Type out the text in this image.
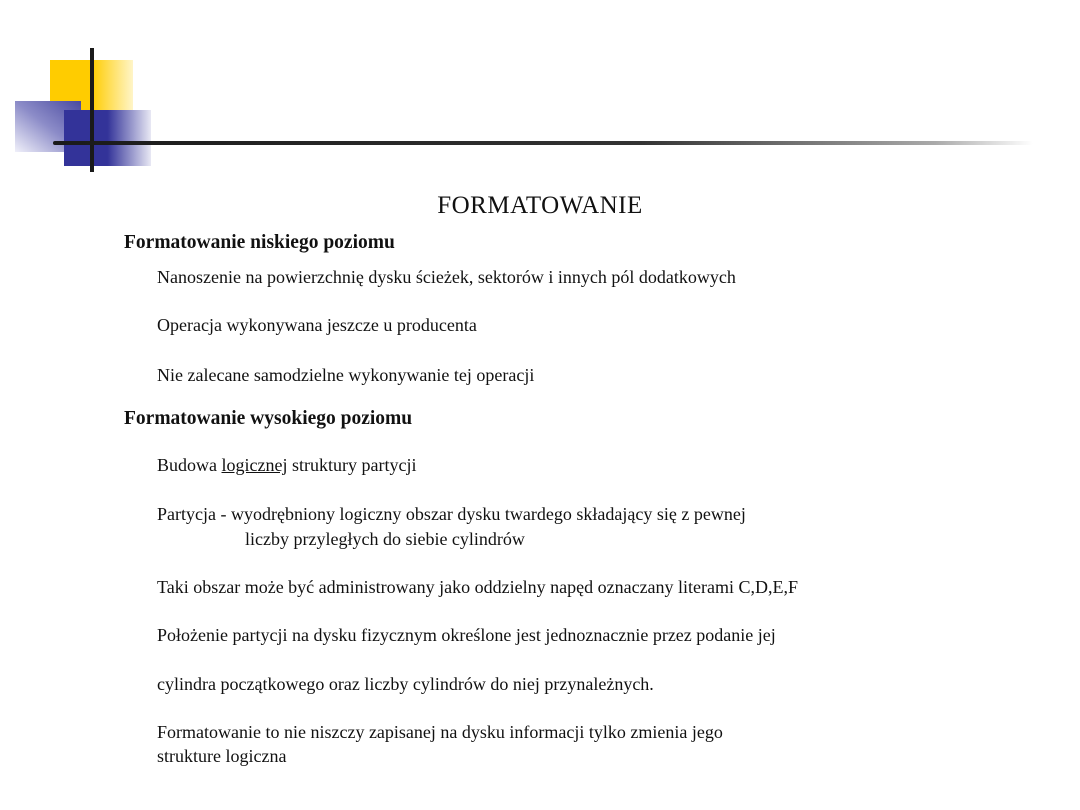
FORMATOWANIE
Formatowanie niskiego poziomu
Nanoszenie na powierzchnię dysku ścieżek, sektorów i innych pól dodatkowych
Operacja wykonywana jeszcze u producenta
Nie zalecane samodzielne wykonywanie tej operacji
Formatowanie wysokiego poziomu
Budowa logicznej struktury partycji
Partycja - wyodrębniony logiczny obszar dysku twardego składający się z pewnej
liczby przyległych do siebie cylindrów
Taki obszar może być administrowany jako oddzielny napęd oznaczany literami C,D,E,F
Położenie partycji na dysku fizycznym określone jest jednoznacznie przez podanie jej
cylindra początkowego oraz liczby cylindrów do niej przynależnych.
Formatowanie to nie niszczy zapisanej na dysku informacji tylko zmienia jego
strukture logiczna
